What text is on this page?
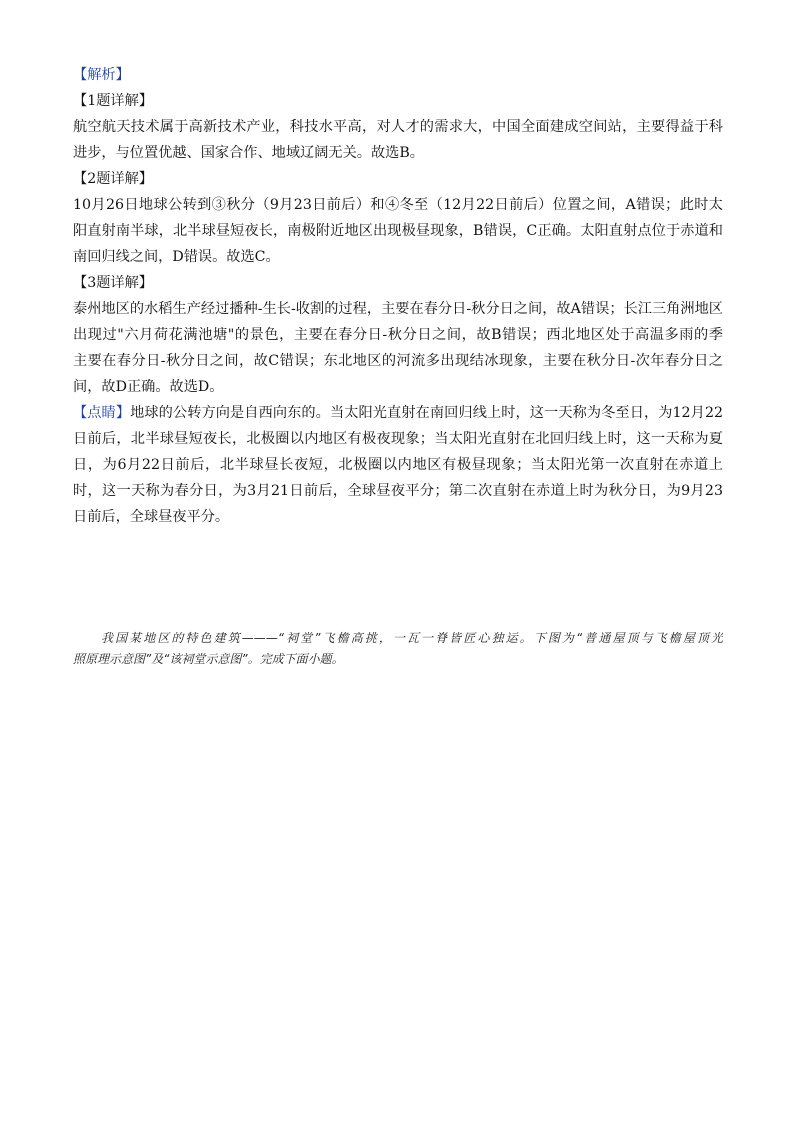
【解析】
【1题详解】
航空航天技术属于高新技术产业，科技水平高，对人才的需求大，中国全面建成空间站，主要得益于科
进步，与位置优越、国家合作、地域辽阔无关。故选B。
【2题详解】
10月26日地球公转到③秋分（9月23日前后）和④冬至（12月22日前后）位置之间，A错误；此时太
阳直射南半球，北半球昼短夜长，南极附近地区出现极昼现象，B错误，C正确。太阳直射点位于赤道和
南回归线之间，D错误。故选C。
【3题详解】
泰州地区的水稻生产经过播种-生长-收割的过程，主要在春分日-秋分日之间，故A错误；长江三角洲地区
出现过"六月荷花满池塘"的景色，主要在春分日-秋分日之间，故B错误；西北地区处于高温多雨的季
主要在春分日-秋分日之间，故C错误；东北地区的河流多出现结冰现象，主要在秋分日-次年春分日之
间，故D正确。故选D。
【点睛】地球的公转方向是自西向东的。当太阳光直射在南回归线上时，这一天称为冬至日，为12月22
日前后，北半球昼短夜长，北极圈以内地区有极夜现象；当太阳光直射在北回归线上时，这一天称为夏
日，为6月22日前后，北半球昼长夜短，北极圈以内地区有极昼现象；当太阳光第一次直射在赤道上
时，这一天称为春分日，为3月21日前后，全球昼夜平分；第二次直射在赤道上时为秋分日，为9月23
日前后，全球昼夜平分。
我国某地区的特色建筑———“祠堂”飞檐高挑，一瓦一脊皆匠心独运。下图为“普通屋顶与飞檐屋顶光
照原理示意图”及“该祠堂示意图”。完成下面小题。
